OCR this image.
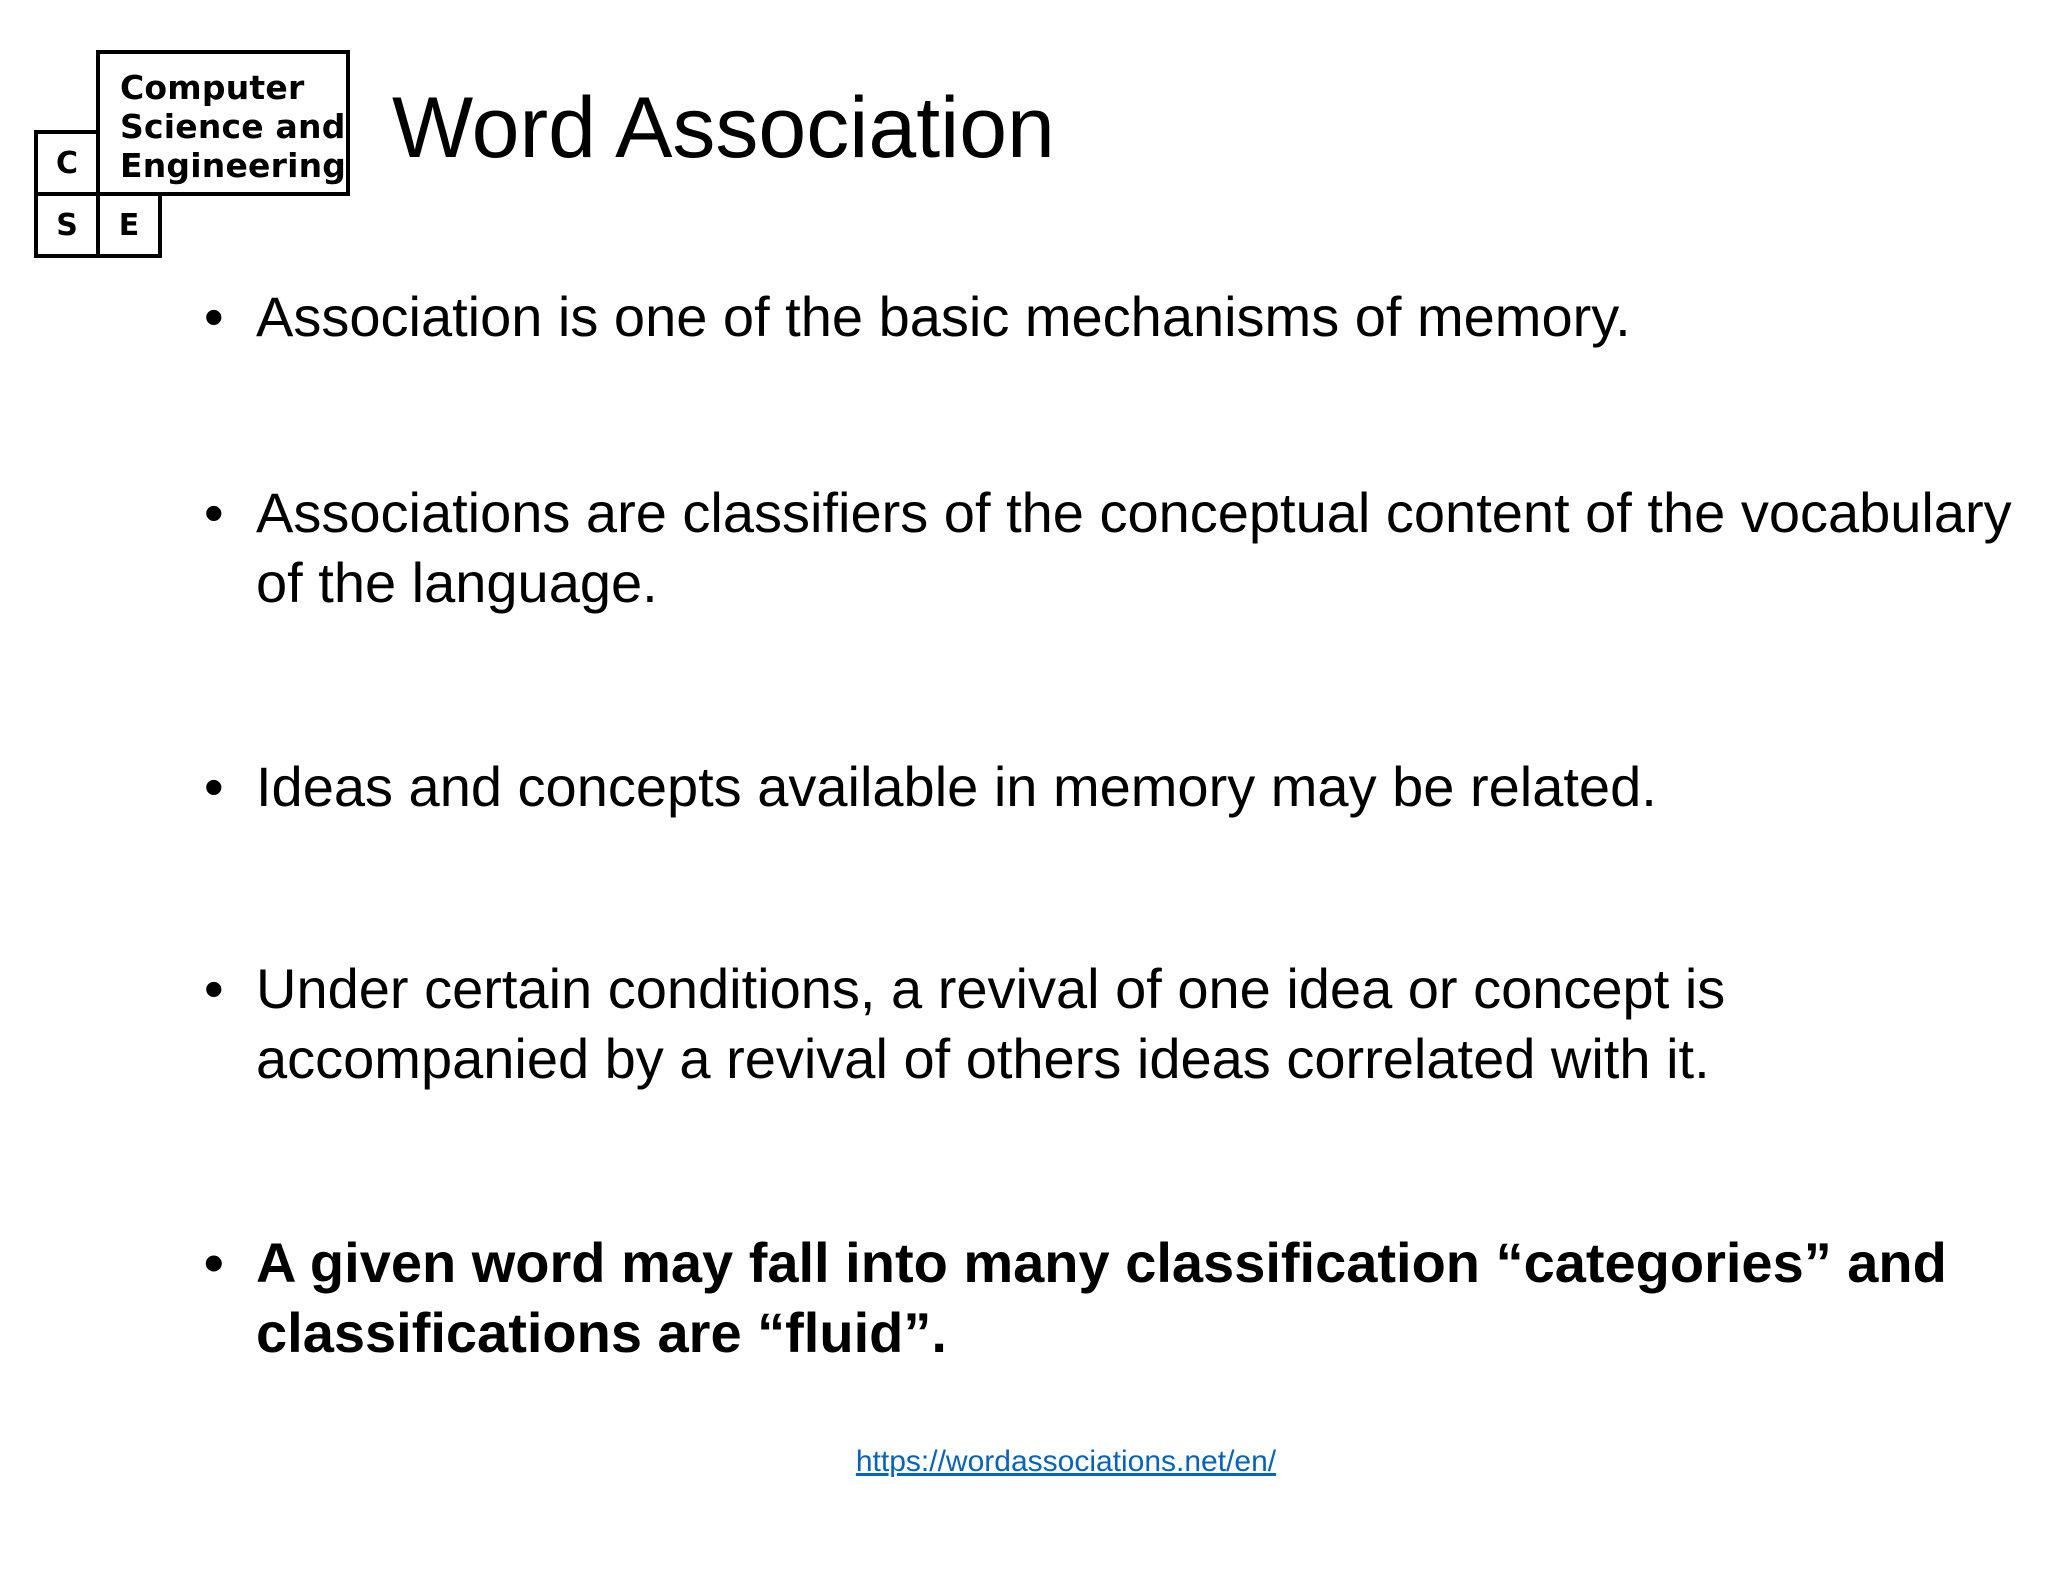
Computer
Science and
Engineering
C
S	E
Word Association
• Association is one of the basic mechanisms of memory.
• Associations are classifiers of the conceptual content of the vocabulary of the language.
• Ideas and concepts available in memory may be related.
• Under certain conditions, a revival of one idea or concept is accompanied by a revival of others ideas correlated with it.
• A given word may fall into many classification “categories” and classifications are “fluid”.
https://wordassociations.net/en/
